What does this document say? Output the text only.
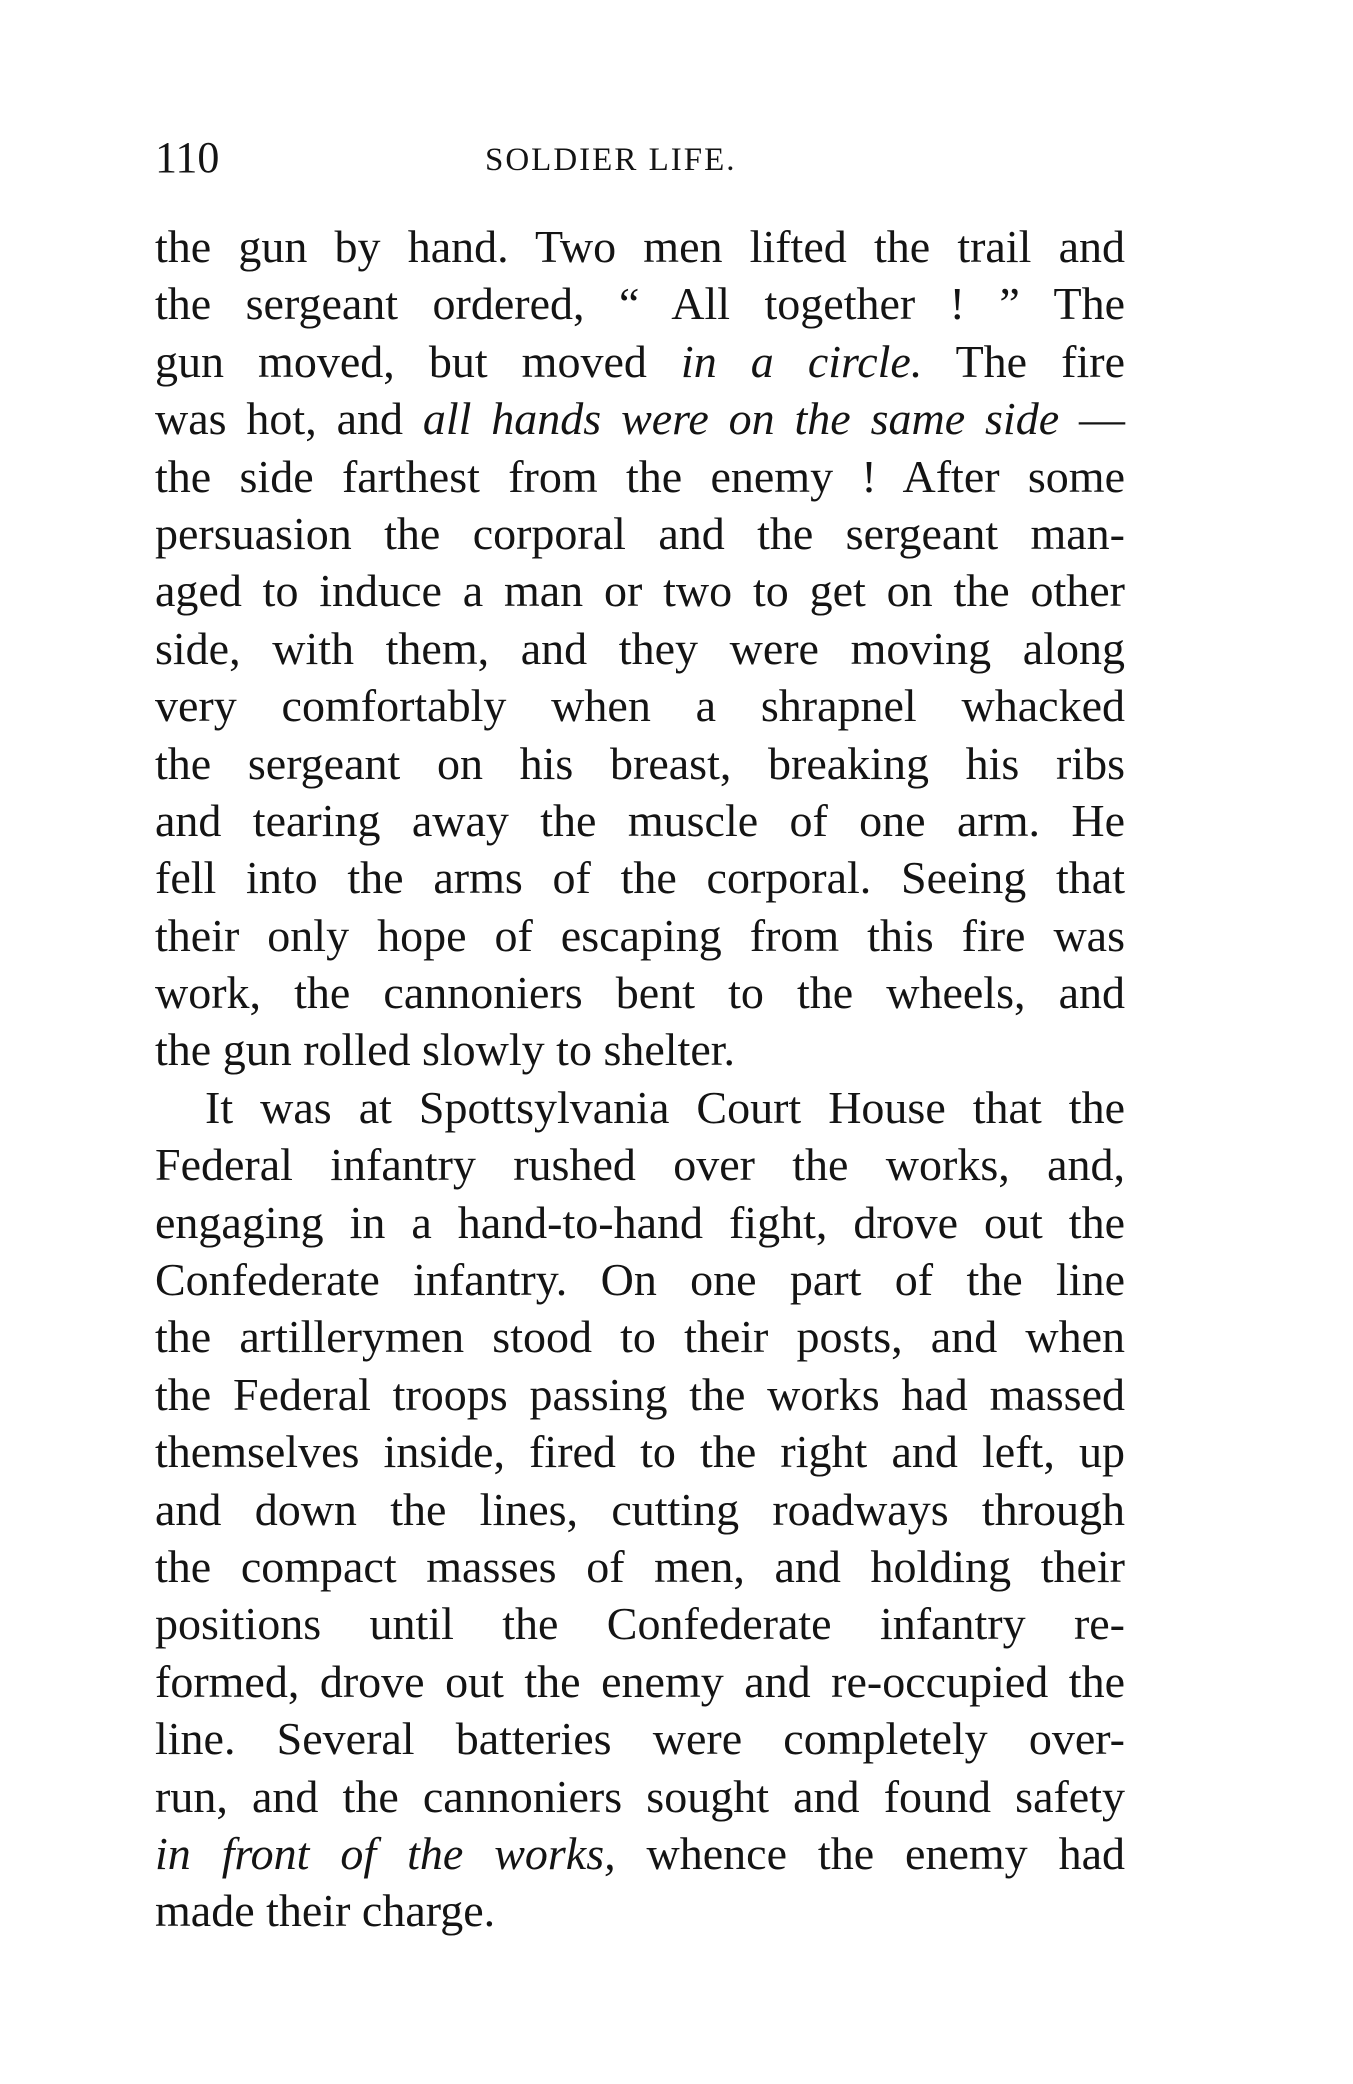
110	SOLDIER LIFE.
the gun by hand. Two men lifted the trail and
the sergeant ordered, “ All together ! ” The
gun moved, but moved in a circle. The fire
was hot, and all hands were on the same side —
the side farthest from the enemy ! After some
persuasion the corporal and the sergeant man-
aged to induce a man or two to get on the other
side, with them, and they were moving along
very comfortably when a shrapnel whacked
the sergeant on his breast, breaking his ribs
and tearing away the muscle of one arm. He
fell into the arms of the corporal. Seeing that
their only hope of escaping from this fire was
work, the cannoniers bent to the wheels, and
the gun rolled slowly to shelter.
It was at Spottsylvania Court House that the
Federal infantry rushed over the works, and,
engaging in a hand-to-hand fight, drove out the
Confederate infantry. On one part of the line
the artillerymen stood to their posts, and when
the Federal troops passing the works had massed
themselves inside, fired to the right and left, up
and down the lines, cutting roadways through
the compact masses of men, and holding their
positions until the Confederate infantry re-
formed, drove out the enemy and re-occupied the
line. Several batteries were completely over-
run, and the cannoniers sought and found safety
in front of the works, whence the enemy had
made their charge.
